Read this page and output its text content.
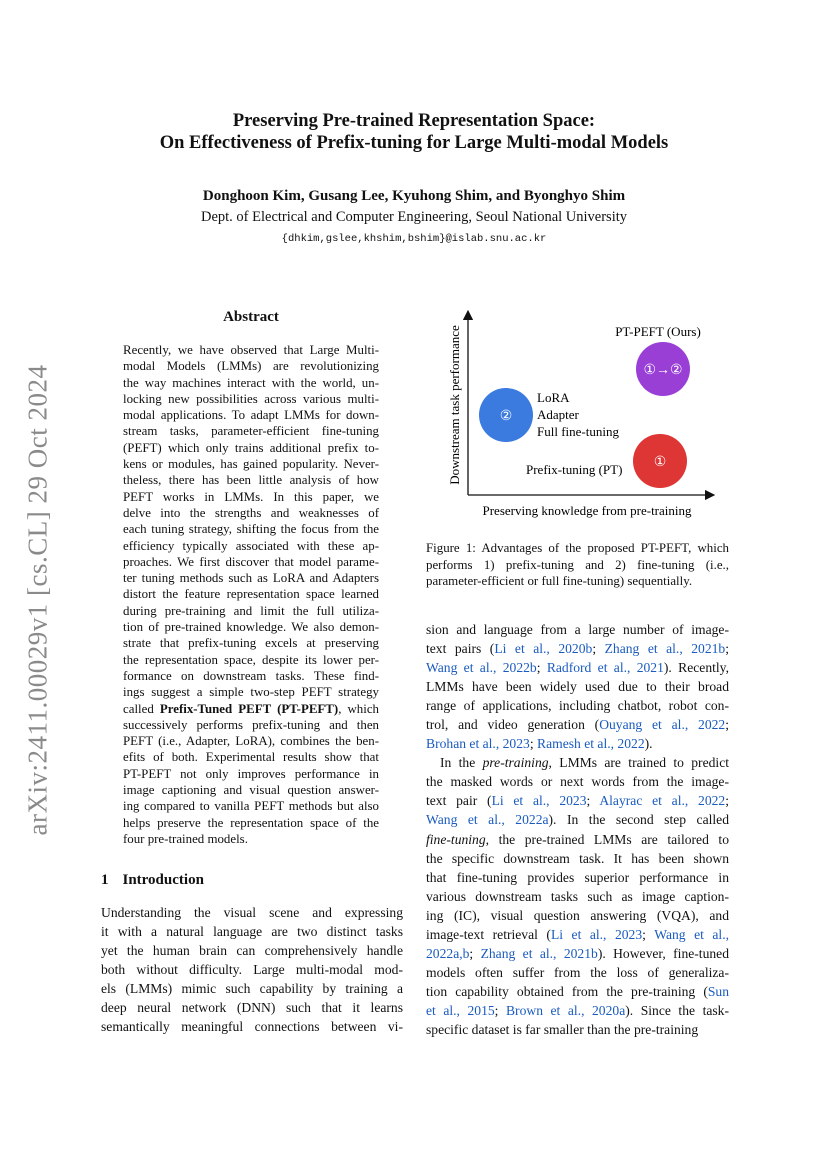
arXiv:2411.00029v1 [cs.CL] 29 Oct 2024
Preserving Pre-trained Representation Space:
On Effectiveness of Prefix-tuning for Large Multi-modal Models
Donghoon Kim, Gusang Lee, Kyuhong Shim, and Byonghyo Shim
Dept. of Electrical and Computer Engineering, Seoul National University
{dhkim,gslee,khshim,bshim}@islab.snu.ac.kr
Abstract
Recently, we have observed that Large Multi-
modal Models (LMMs) are revolutionizing
the way machines interact with the world, un-
locking new possibilities across various multi-
modal applications. To adapt LMMs for down-
stream tasks, parameter-efficient fine-tuning
(PEFT) which only trains additional prefix to-
kens or modules, has gained popularity. Never-
theless, there has been little analysis of how
PEFT works in LMMs. In this paper, we
delve into the strengths and weaknesses of
each tuning strategy, shifting the focus from the
efficiency typically associated with these ap-
proaches. We first discover that model parame-
ter tuning methods such as LoRA and Adapters
distort the feature representation space learned
during pre-training and limit the full utiliza-
tion of pre-trained knowledge. We also demon-
strate that prefix-tuning excels at preserving
the representation space, despite its lower per-
formance on downstream tasks. These find-
ings suggest a simple two-step PEFT strategy
called Prefix-Tuned PEFT (PT-PEFT), which
successively performs prefix-tuning and then
PEFT (i.e., Adapter, LoRA), combines the ben-
efits of both. Experimental results show that
PT-PEFT not only improves performance in
image captioning and visual question answer-
ing compared to vanilla PEFT methods but also
helps preserve the representation space of the
four pre-trained models.
1 Introduction
Understanding the visual scene and expressing
it with a natural language are two distinct tasks
yet the human brain can comprehensively handle
both without difficulty. Large multi-modal mod-
els (LMMs) mimic such capability by training a
deep neural network (DNN) such that it learns
semantically meaningful connections between vi-
Downstream task performance
Preserving knowledge from pre-training
PT-PEFT (Ours)
①→②
②
LoRA
Adapter
Full fine-tuning
①
Prefix-tuning (PT)
Figure 1: Advantages of the proposed PT-PEFT, which
performs 1) prefix-tuning and 2) fine-tuning (i.e.,
parameter-efficient or full fine-tuning) sequentially.
sion and language from a large number of image-
text pairs (Li et al., 2020b; Zhang et al., 2021b;
Wang et al., 2022b; Radford et al., 2021). Recently,
LMMs have been widely used due to their broad
range of applications, including chatbot, robot con-
trol, and video generation (Ouyang et al., 2022;
Brohan et al., 2023; Ramesh et al., 2022).
In the pre-training, LMMs are trained to predict
the masked words or next words from the image-
text pair (Li et al., 2023; Alayrac et al., 2022;
Wang et al., 2022a). In the second step called
fine-tuning, the pre-trained LMMs are tailored to
the specific downstream task. It has been shown
that fine-tuning provides superior performance in
various downstream tasks such as image caption-
ing (IC), visual question answering (VQA), and
image-text retrieval (Li et al., 2023; Wang et al.,
2022a,b; Zhang et al., 2021b). However, fine-tuned
models often suffer from the loss of generaliza-
tion capability obtained from the pre-training (Sun
et al., 2015; Brown et al., 2020a). Since the task-
specific dataset is far smaller than the pre-training
